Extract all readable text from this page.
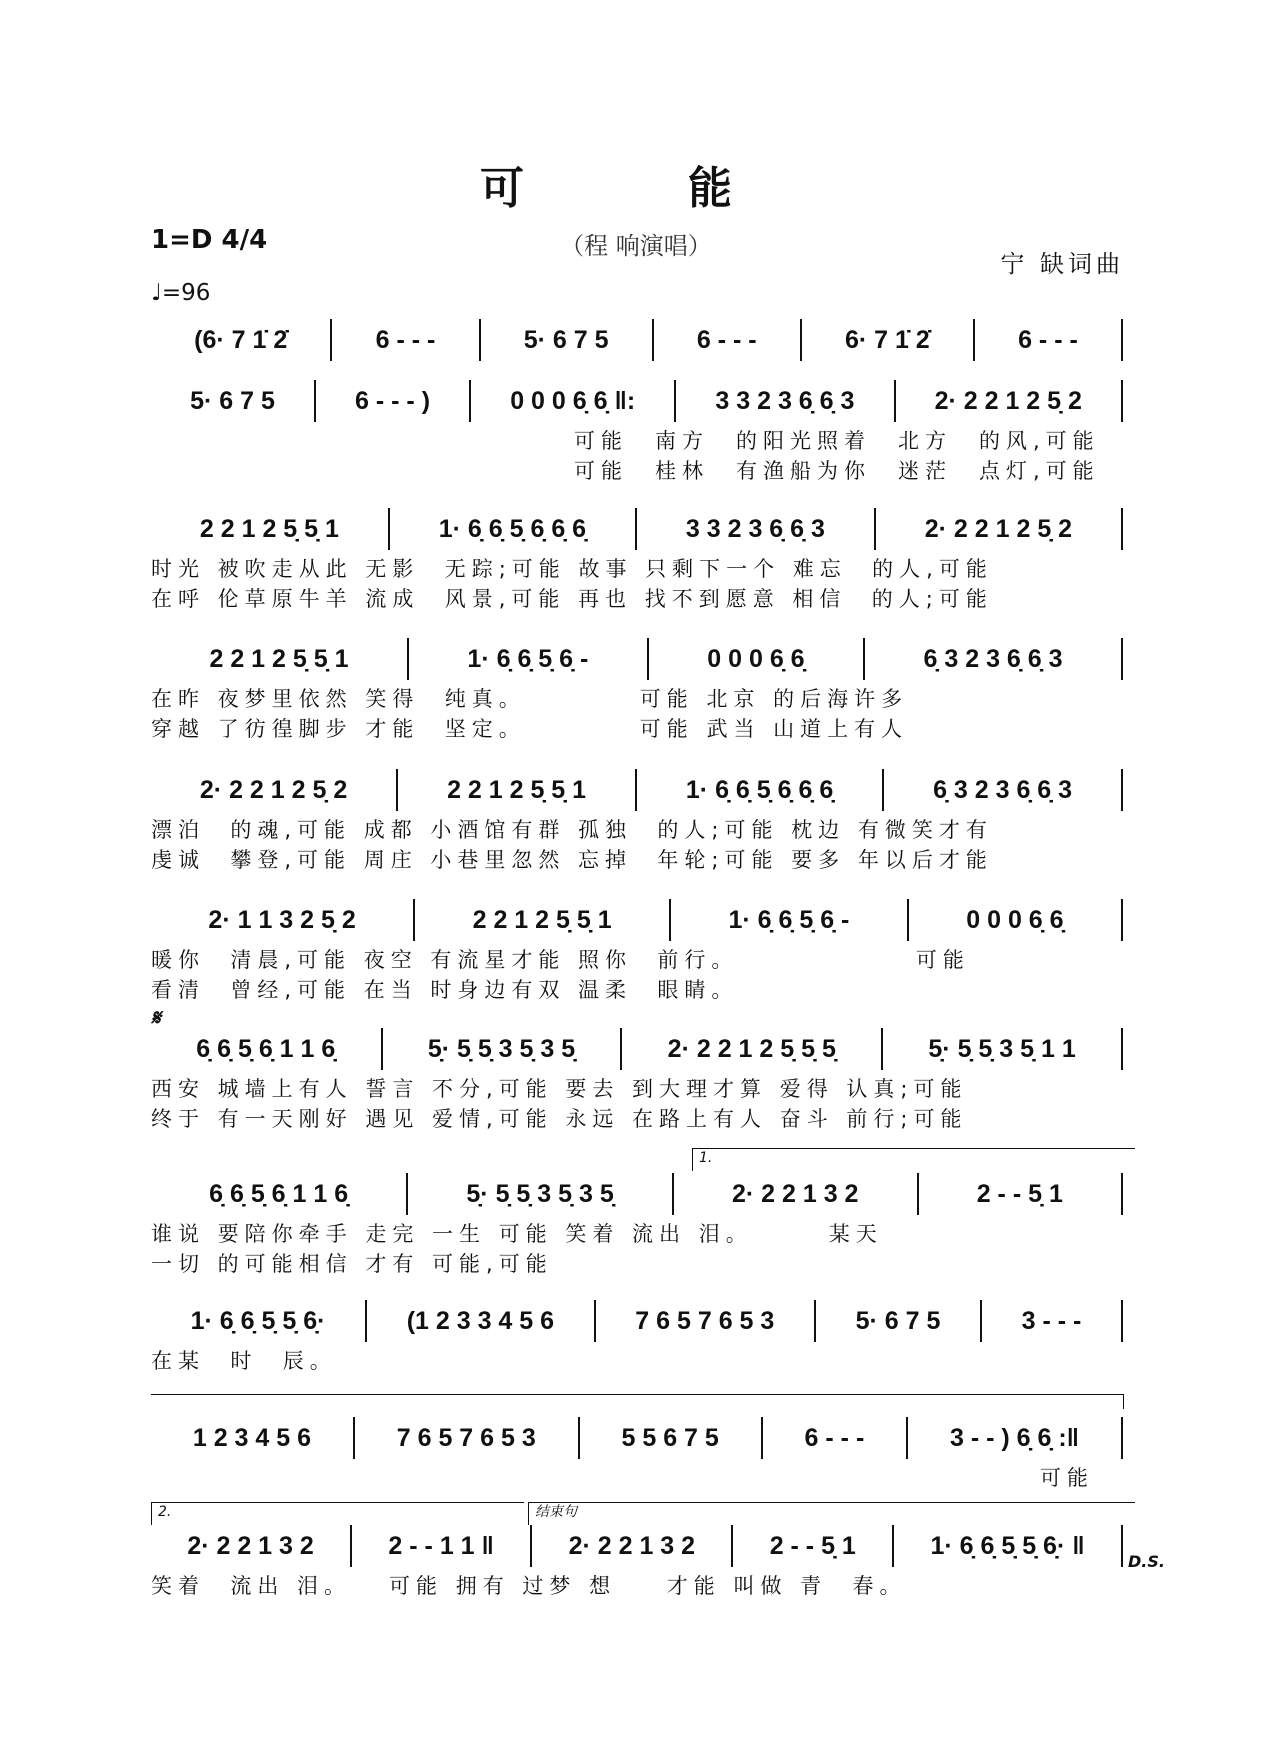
可　能
（程 响演唱）
1=D 4/4
宁 缺词曲
♩=96
(6· 7 1̇ 2̇	6 - - -	5· 6 7 5	6 - - -	6· 7 1̇ 2̇	6 - - -
5· 6 7 5	6 - - - )	0 0 0 6̣ 6̣ ‖:	3 3 2 3 6̣ 6̣ 3	2· 2 2 1 2 5̣ 2
可能　南方　的阳光照着　北方　的风,可能
可能　桂林　有渔船为你　迷茫　点灯,可能
2 2 1 2 5̣ 5̣ 1	1· 6̣ 6̣ 5̣ 6̣ 6̣ 6̣	3 3 2 3 6̣ 6̣ 3	2· 2 2 1 2 5̣ 2
时光 被吹走从此 无影  无踪;可能 故事 只剩下一个 难忘  的人,可能
在呼 伦草原牛羊 流成  风景,可能 再也 找不到愿意 相信  的人;可能
2 2 1 2 5̣ 5̣ 1	1· 6̣ 6̣ 5̣ 6̣ -	0 0 0 6̣ 6̣	6̣ 3 2 3 6̣ 6̣ 3
在昨 夜梦里依然 笑得  纯真。         可能 北京 的后海许多
穿越 了彷徨脚步 才能  坚定。         可能 武当 山道上有人
2· 2 2 1 2 5̣ 2	2 2 1 2 5̣ 5̣ 1	1· 6̣ 6̣ 5̣ 6̣ 6̣ 6̣	6̣ 3 2 3 6̣ 6̣ 3
漂泊  的魂,可能 成都 小酒馆有群 孤独  的人;可能 枕边 有微笑才有
虔诚  攀登,可能 周庄 小巷里忽然 忘掉  年轮;可能 要多 年以后才能
2· 1 1 3 2 5̣ 2	2 2 1 2 5̣ 5̣ 1	1· 6̣ 6̣ 5̣ 6̣ -	0 0 0 6̣ 6̣
暖你  清晨,可能 夜空 有流星才能 照你  前行。              可能
看清  曾经,可能 在当 时身边有双 温柔  眼睛。
6̣ 6̣ 5̣ 6̣ 1 1 6̣	5̣· 5̣ 5̣ 3 5̣ 3 5̣	2· 2 2 1 2 5̣ 5̣ 5̣	5̣· 5̣ 5̣ 3 5̣ 1 1
西安 城墙上有人 誓言 不分,可能 要去 到大理才算 爱得 认真;可能
终于 有一天刚好 遇见 爱情,可能 永远 在路上有人 奋斗 前行;可能
6̣ 6̣ 5̣ 6̣ 1 1 6̣	5̣· 5̣ 5̣ 3 5̣ 3 5̣	2· 2 2 1 3 2	2 - - 5̣ 1
谁说 要陪你牵手 走完 一生 可能 笑着 流出 泪。      某天
一切 的可能相信 才有 可能,可能
1· 6̣ 6̣ 5̣ 5̣ 6̣·	(1 2 3 3 4 5 6	7 6 5 7 6 5 3	5· 6 7 5	3 - - -
在某  时  辰。
1 2 3 4 5 6	7 6 5 7 6 5 3	5 5 6 7 5	6 - - -	3 - - ) 6̣ 6̣ :‖
可能
2· 2 2 1 3 2	2 - - 1 1 ‖	2· 2 2 1 3 2	2 - - 5̣ 1	1· 6̣ 6̣ 5̣ 5̣ 6̣· ‖
笑着  流出 泪。   可能 拥有 过梦 想    才能 叫做 青  春。
1.
2.	结束句
𝄋
D.S.
